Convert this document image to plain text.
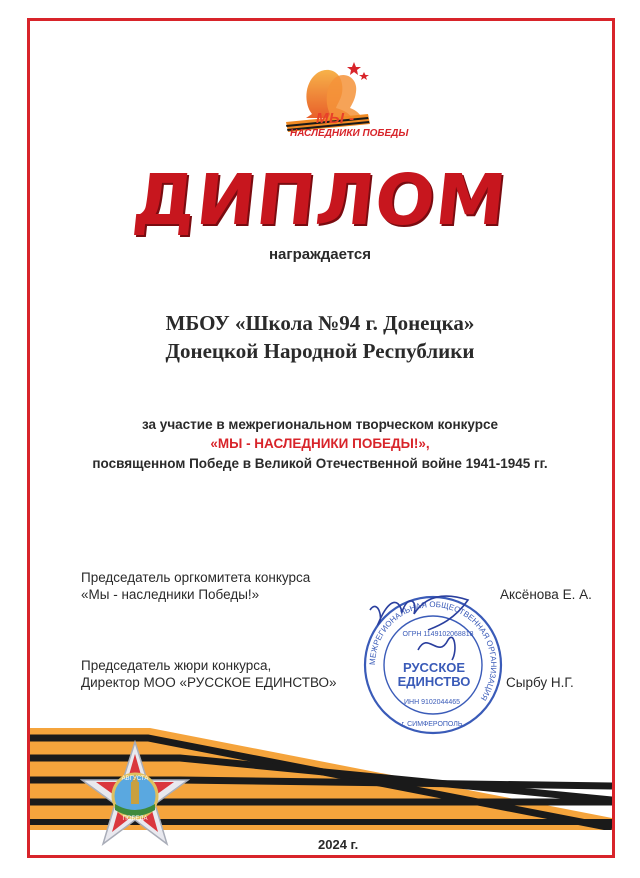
МЫ -
НАСЛЕДНИКИ ПОБЕДЫ
ДИПЛОМ
награждается
МБОУ «Школа №94 г. Донецка»
Донецкой Народной Республики
за участие в межрегиональном творческом конкурсе
«МЫ - НАСЛЕДНИКИ ПОБЕДЫ!»,
посвященном Победе в Великой Отечественной войне 1941-1945 гг.
Председатель оргкомитета конкурса
«Мы - наследники Победы!»	Аксёнова Е. А.
Председатель жюри конкурса,
Директор МОО «РУССКОЕ ЕДИНСТВО»	Сырбу Н.Г.
МЕЖРЕГИОНАЛЬНАЯ ОБЩЕСТВЕННАЯ ОРГАНИЗАЦИЯ
ОГРН 1149102068818
РУССКОЕ
ЕДИНСТВО
ИНН 9102044465
г. СИМФЕРОПОЛЬ
АВГУСТА
ПОБЕДА
2024 г.
